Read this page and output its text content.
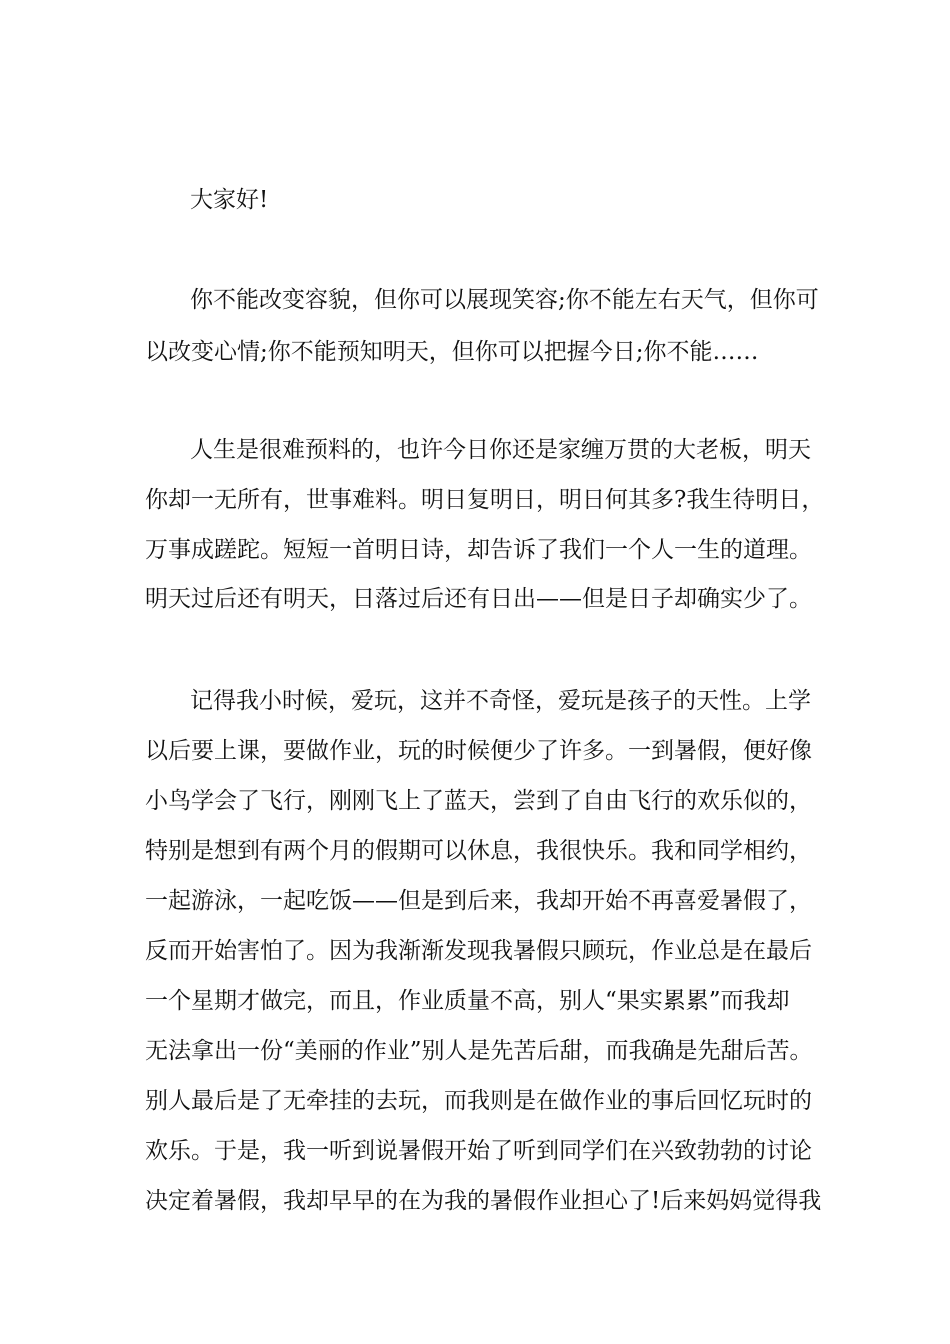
大家好!

你不能改变容貌，但你可以展现笑容;你不能左右天气，但你可

以改变心情;你不能预知明天，但你可以把握今日;你不能……

人生是很难预料的，也许今日你还是家缠万贯的大老板，明天

你却一无所有，世事难料。明日复明日，明日何其多?我生待明日，

万事成蹉跎。短短一首明日诗，却告诉了我们一个人一生的道理。

明天过后还有明天，日落过后还有日出——但是日子却确实少了。

记得我小时候，爱玩，这并不奇怪，爱玩是孩子的天性。上学

以后要上课，要做作业，玩的时候便少了许多。一到暑假，便好像

小鸟学会了飞行，刚刚飞上了蓝天，尝到了自由飞行的欢乐似的，

特别是想到有两个月的假期可以休息，我很快乐。我和同学相约，

一起游泳，一起吃饭——但是到后来，我却开始不再喜爱暑假了，

反而开始害怕了。因为我渐渐发现我暑假只顾玩，作业总是在最后

一个星期才做完，而且，作业质量不高，别人“果实累累”而我却

无法拿出一份“美丽的作业”别人是先苦后甜，而我确是先甜后苦。

别人最后是了无牵挂的去玩，而我则是在做作业的事后回忆玩时的

欢乐。于是，我一听到说暑假开始了听到同学们在兴致勃勃的讨论

决定着暑假，我却早早的在为我的暑假作业担心了!后来妈妈觉得我
